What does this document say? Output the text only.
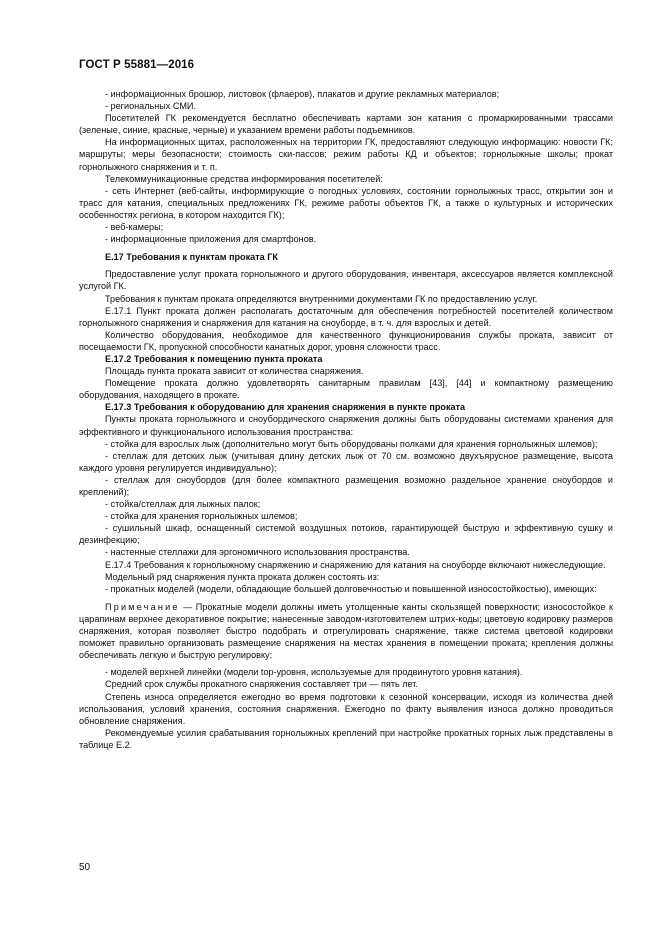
ГОСТ Р 55881—2016

- информационных брошюр, листовок (флаеров), плакатов и другие рекламных материалов;

- региональных СМИ.

Посетителей ГК рекомендуется бесплатно обеспечивать картами зон катания с промаркированными трассами (зеленые, синие, красные, черные) и указанием времени работы подъемников.

На информационных щитах, расположенных на территории ГК, предоставляют следующую информацию: новости ГК; маршруты; меры безопасности; стоимость ски-пассов; режим работы КД и объектов; горнолыжные школы; прокат горнолыжного снаряжения и т. п.

Телекоммуникационные средства информирования посетителей:

- сеть Интернет (веб-сайты, информирующие о погодных условиях, состоянии горнолыжных трасс, открытии зон и трасс для катания, специальных предложениях ГК, режиме работы объектов ГК, а также о культурных и исторических особенностях региона, в котором находится ГК);

- веб-камеры;

- информационные приложения для смартфонов.

Е.17 Требования к пунктам проката ГК

Предоставление услуг проката горнолыжного и другого оборудования, инвентаря, аксессуаров является комплексной услугой ГК.

Требования к пунктам проката определяются внутренними документами ГК по предоставлению услуг.

Е.17.1 Пункт проката должен располагать достаточным для обеспечения потребностей посетителей количеством горнолыжного снаряжения и снаряжения для катания на сноуборде, в т. ч. для взрослых и детей.

Количество оборудования, необходимое для качественного функционирования службы проката, зависит от посещаемости ГК, пропускной способности канатных дорог, уровня сложности трасс.

Е.17.2 Требования к помещению пункта проката

Площадь пункта проката зависит от количества снаряжения.

Помещение проката должно удовлетворять санитарным правилам [43], [44] и компактному размещению оборудования, находящего в прокате.

Е.17.3 Требования к оборудованию для хранения снаряжения в пункте проката

Пункты проката горнолыжного и сноубордического снаряжения должны быть оборудованы системами хранения для эффективного и функционального использования пространства:

- стойка для взрослых лыж (дополнительно могут быть оборудованы полками для хранения горнолыжных шлемов);

- стеллаж для детских лыж (учитывая длину детских лыж от 70 см. возможно двухъярусное размещение, высота каждого уровня регулируется индивидуально);

- стеллаж для сноубордов (для более компактного размещения возможно раздельное хранение сноубордов и креплений);

- стойка/стеллаж для лыжных палок;

- стойка для хранения горнолыжных шлемов;

- сушильный шкаф, оснащенный системой воздушных потоков, гарантирующей быструю и эффективную сушку и дезинфекцию;

- настенные стеллажи для эргономичного использования пространства.

Е.17.4 Требования к горнолыжному снаряжению и снаряжению для катания на сноуборде включают нижеследующие.

Модельный ряд снаряжения пункта проката должен состоять из:

- прокатных моделей (модели, обладающие большей долговечностью и повышенной износостойкостью), имеющих:

Примечание — Прокатные модели должны иметь утолщенные канты скользящей поверхности; износостойкое к царапинам верхнее декоративное покрытие; нанесенные заводом-изготовителем штрих-коды; цветовую кодировку размеров снаряжения, которая позволяет быстро подобрать и отрегулировать снаряжение, также система цветовой кодировки поможет правильно организовать размещение снаряжения на местах хранения в помещении проката; крепления должны обеспечивать легкую и быструю регулировку;

- моделей верхней линейки (модели top-уровня, используемые для продвинутого уровня катания).

Средний срок службы прокатного снаряжения составляет три — пять лет.

Степень износа определяется ежегодно во время подготовки к сезонной консервации, исходя из количества дней использования, условий хранения, состояния снаряжения. Ежегодно по факту выявления износа должно проводиться обновление снаряжения.

Рекомендуемые усилия срабатывания горнолыжных креплений при настройке прокатных горных лыж представлены в таблице Е.2.

50
